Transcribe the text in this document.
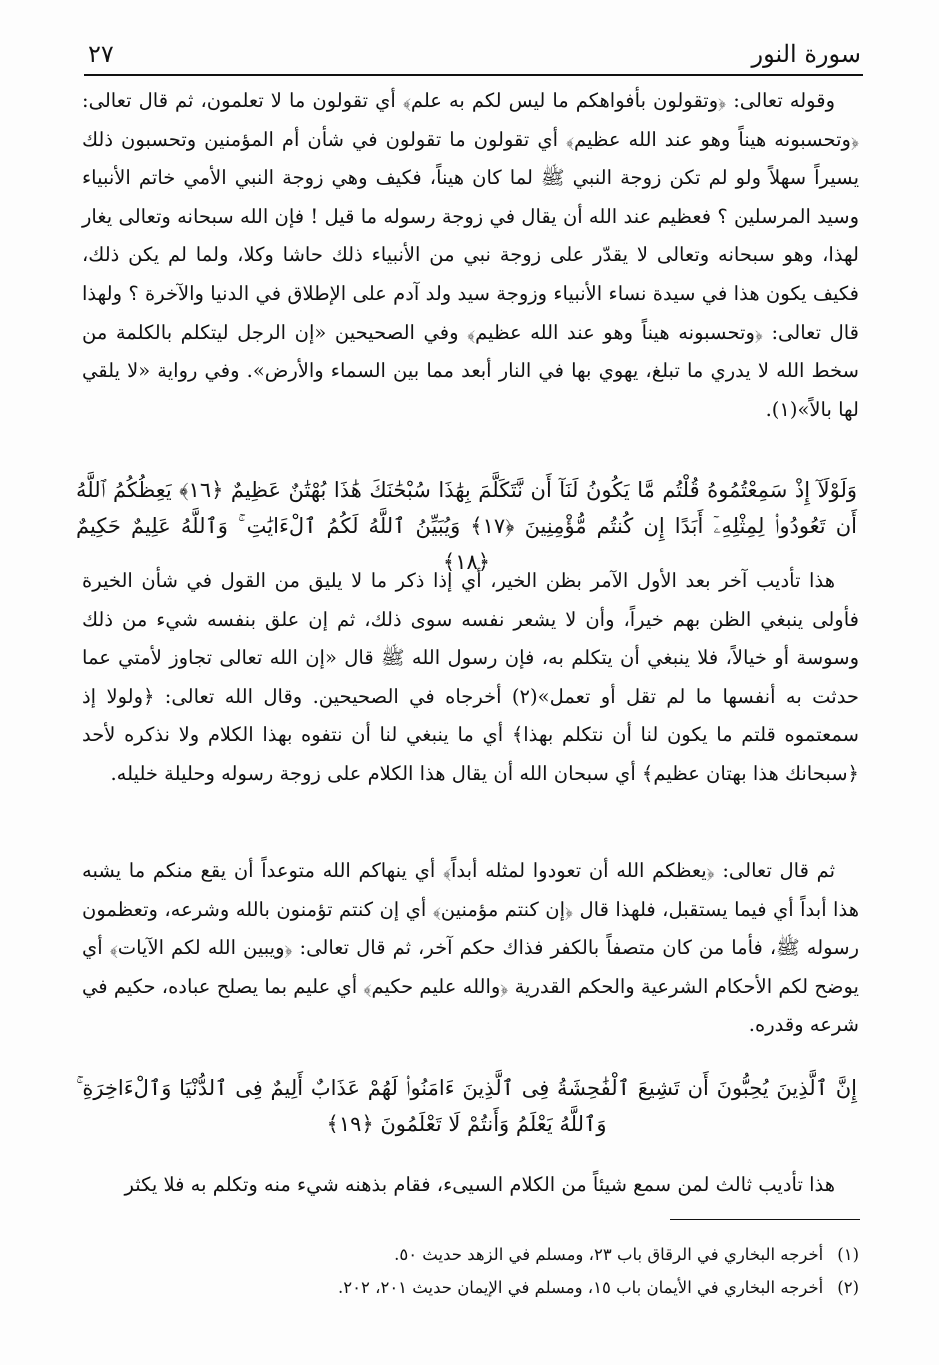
سورة النور
٢٧

وقوله تعالى: ﴿وتقولون بأفواهكم ما ليس لكم به علم﴾ أي تقولون ما لا تعلمون، ثم قال تعالى: ﴿وتحسبونه هيناً وهو عند الله عظيم﴾ أي تقولون ما تقولون في شأن أم المؤمنين وتحسبون ذلك يسيراً سهلاً ولو لم تكن زوجة النبي ﷺ لما كان هيناً، فكيف وهي زوجة النبي الأمي خاتم الأنبياء وسيد المرسلين ؟ فعظيم عند الله أن يقال في زوجة رسوله ما قيل ! فإن الله سبحانه وتعالى يغار لهذا، وهو سبحانه وتعالى لا يقدّر على زوجة نبي من الأنبياء ذلك حاشا وكلا، ولما لم يكن ذلك، فكيف يكون هذا في سيدة نساء الأنبياء وزوجة سيد ولد آدم على الإطلاق في الدنيا والآخرة ؟ ولهذا قال تعالى: ﴿وتحسبونه هيناً وهو عند الله عظيم﴾ وفي الصحيحين «إن الرجل ليتكلم بالكلمة من سخط الله لا يدري ما تبلغ، يهوي بها في النار أبعد مما بين السماء والأرض». وفي رواية «لا يلقي لها بالاً»(١).

وَلَوْلَآ إِذْ سَمِعْتُمُوهُ قُلْتُم مَّا يَكُونُ لَنَآ أَن نَّتَكَلَّمَ بِهَٰذَا سُبْحَٰنَكَ هَٰذَا بُهْتَٰنٌ عَظِيمٌ ﴿١٦﴾ يَعِظُكُمُ ٱللَّهُ أَن تَعُودُوا۟ لِمِثْلِهِۦٓ أَبَدًا إِن كُنتُم مُّؤْمِنِينَ ﴿١٧﴾ وَيُبَيِّنُ ٱللَّهُ لَكُمُ ٱلْءَايَٰتِ ۚ وَٱللَّهُ عَلِيمٌ حَكِيمٌ ﴿١٨﴾

هذا تأديب آخر بعد الأول الآمر بظن الخير، أي إذا ذكر ما لا يليق من القول في شأن الخيرة فأولى ينبغي الظن بهم خيراً، وأن لا يشعر نفسه سوى ذلك، ثم إن علق بنفسه شيء من ذلك وسوسة أو خيالاً، فلا ينبغي أن يتكلم به، فإن رسول الله ﷺ قال «إن الله تعالى تجاوز لأمتي عما حدثت به أنفسها ما لم تقل أو تعمل»(٢) أخرجاه في الصحيحين. وقال الله تعالى: ﴿ولولا إذ سمعتموه قلتم ما يكون لنا أن نتكلم بهذا﴾ أي ما ينبغي لنا أن نتفوه بهذا الكلام ولا نذكره لأحد ﴿سبحانك هذا بهتان عظيم﴾ أي سبحان الله أن يقال هذا الكلام على زوجة رسوله وحليلة خليله.

ثم قال تعالى: ﴿يعظكم الله أن تعودوا لمثله أبداً﴾ أي ينهاكم الله متوعداً أن يقع منكم ما يشبه هذا أبداً أي فيما يستقبل، فلهذا قال ﴿إن كنتم مؤمنين﴾ أي إن كنتم تؤمنون بالله وشرعه، وتعظمون رسوله ﷺ، فأما من كان متصفاً بالكفر فذاك حكم آخر، ثم قال تعالى: ﴿ويبين الله لكم الآيات﴾ أي يوضح لكم الأحكام الشرعية والحكم القدرية ﴿والله عليم حكيم﴾ أي عليم بما يصلح عباده، حكيم في شرعه وقدره.

إِنَّ ٱلَّذِينَ يُحِبُّونَ أَن تَشِيعَ ٱلْفَٰحِشَةُ فِى ٱلَّذِينَ ءَامَنُوا۟ لَهُمْ عَذَابٌ أَلِيمٌ فِى ٱلدُّنْيَا وَٱلْءَاخِرَةِ ۚ وَٱللَّهُ يَعْلَمُ وَأَنتُمْ لَا تَعْلَمُونَ ﴿١٩﴾

هذا تأديب ثالث لمن سمع شيئاً من الكلام السيىء، فقام بذهنه شيء منه وتكلم به فلا يكثر

(١)
أخرجه البخاري في الرقاق باب ٢٣، ومسلم في الزهد حديث ٥٠.
(٢)
أخرجه البخاري في الأيمان باب ١٥، ومسلم في الإيمان حديث ٢٠١، ٢٠٢.
